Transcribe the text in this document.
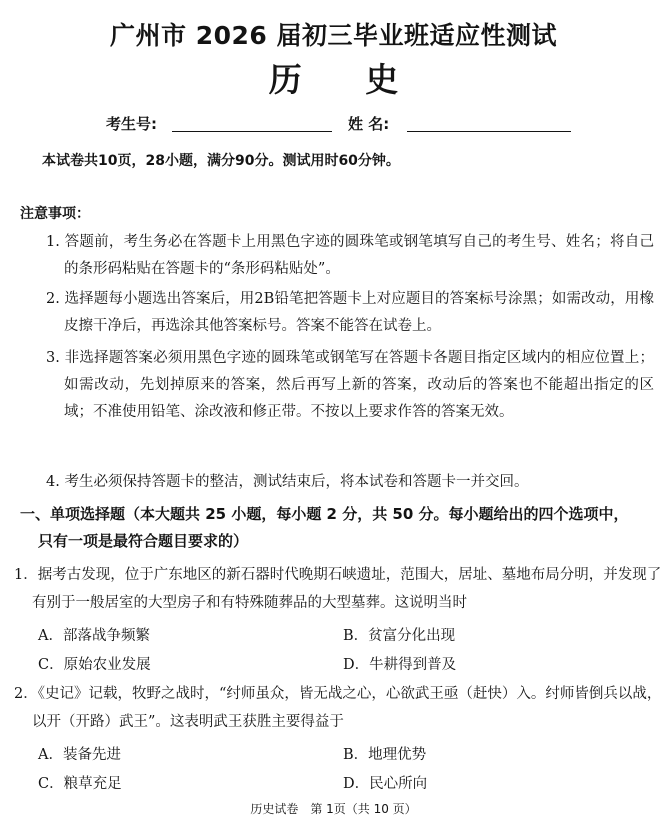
广州市 2026 届初三毕业班适应性测试
历 史
考生号:	姓 名:
本试卷共10页，28小题，满分90分。测试用时60分钟。
注意事项：
1. 答题前，考生务必在答题卡上用黑色字迹的圆珠笔或钢笔填写自己的考生号、姓名；将自己的条形码粘贴在答题卡的“条形码粘贴处”。
2. 选择题每小题选出答案后，用2B铅笔把答题卡上对应题目的答案标号涂黑；如需改动，用橡皮擦干净后，再选涂其他答案标号。答案不能答在试卷上。
3. 非选择题答案必须用黑色字迹的圆珠笔或钢笔写在答题卡各题目指定区域内的相应位置上；如需改动，先划掉原来的答案，然后再写上新的答案，改动后的答案也不能超出指定的区域；不准使用铅笔、涂改液和修正带。不按以上要求作答的答案无效。
4. 考生必须保持答题卡的整洁，测试结束后，将本试卷和答题卡一并交回。
一、单项选择题（本大题共 25 小题，每小题 2 分，共 50 分。每小题给出的四个选项中，
只有一项是最符合题目要求的）
1．据考古发现，位于广东地区的新石器时代晚期石峡遗址，范围大，居址、墓地布局分明，并发现了有别于一般居室的大型房子和有特殊随葬品的大型墓葬。这说明当时
A．部落战争频繁	B．贫富分化出现
C．原始农业发展	D．牛耕得到普及
2．《史记》记载，牧野之战时，“纣师虽众，皆无战之心，心欲武王亟（赶快）入。纣师皆倒兵以战，以开（开路）武王”。这表明武王获胜主要得益于
A．装备先进	B．地理优势
C．粮草充足	D．民心所向
历史试卷　第 1页（共 10 页）
